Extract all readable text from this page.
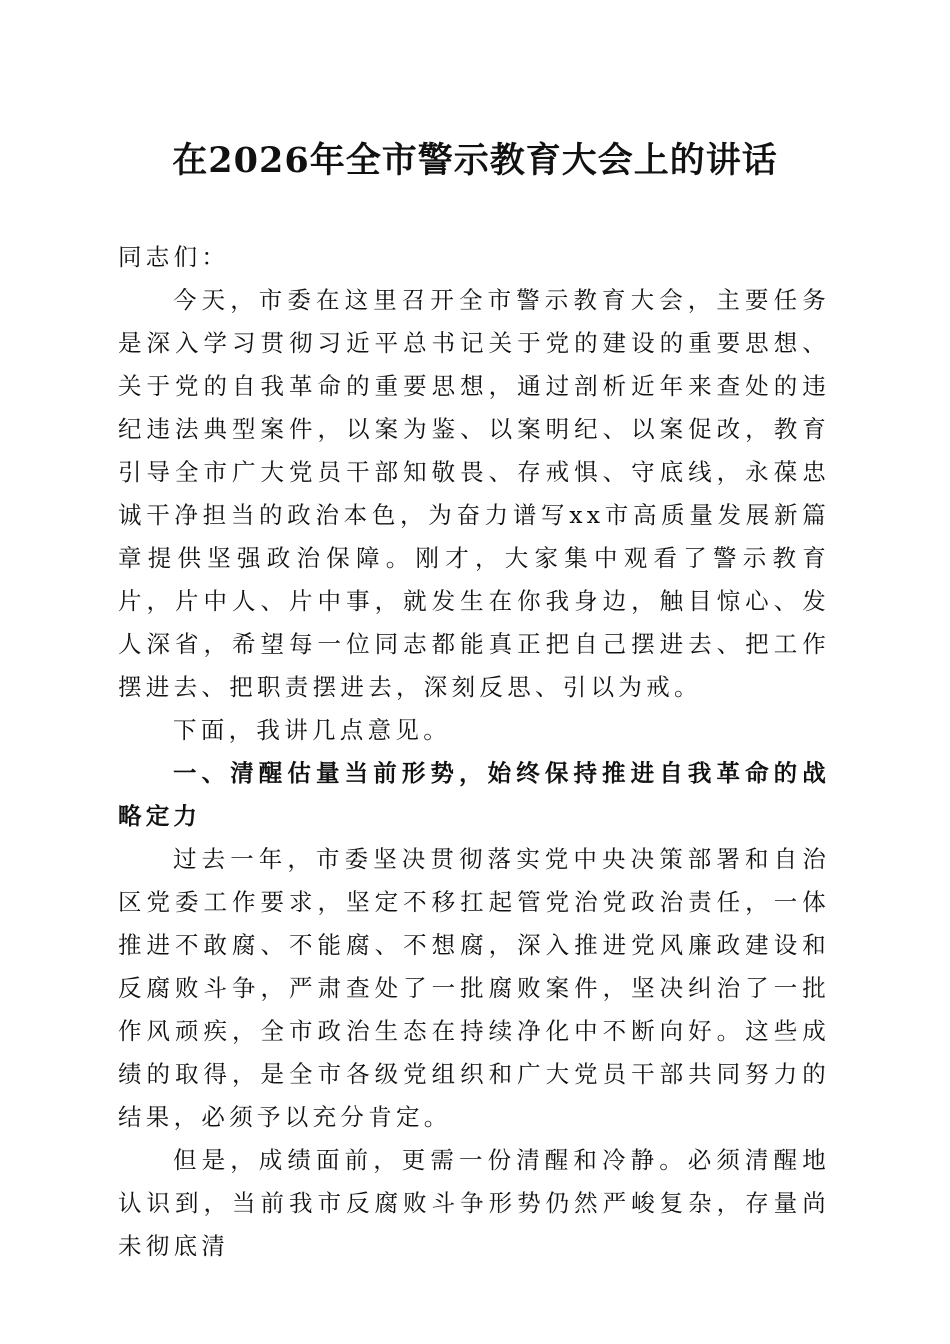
在2026年全市警示教育大会上的讲话

同志们：

今天，市委在这里召开全市警示教育大会，主要任务是深入学习贯彻习近平总书记关于党的建设的重要思想、关于党的自我革命的重要思想，通过剖析近年来查处的违纪违法典型案件，以案为鉴、以案明纪、以案促改，教育引导全市广大党员干部知敬畏、存戒惧、守底线，永葆忠诚干净担当的政治本色，为奋力谱写xx市高质量发展新篇章提供坚强政治保障。刚才，大家集中观看了警示教育片，片中人、片中事，就发生在你我身边，触目惊心、发人深省，希望每一位同志都能真正把自己摆进去、把工作摆进去、把职责摆进去，深刻反思、引以为戒。

下面，我讲几点意见。

一、清醒估量当前形势，始终保持推进自我革命的战略定力

过去一年，市委坚决贯彻落实党中央决策部署和自治区党委工作要求，坚定不移扛起管党治党政治责任，一体推进不敢腐、不能腐、不想腐，深入推进党风廉政建设和反腐败斗争，严肃查处了一批腐败案件，坚决纠治了一批作风顽疾，全市政治生态在持续净化中不断向好。这些成绩的取得，是全市各级党组织和广大党员干部共同努力的结果，必须予以充分肯定。

但是，成绩面前，更需一份清醒和冷静。必须清醒地认识到，当前我市反腐败斗争形势仍然严峻复杂，存量尚未彻底清
